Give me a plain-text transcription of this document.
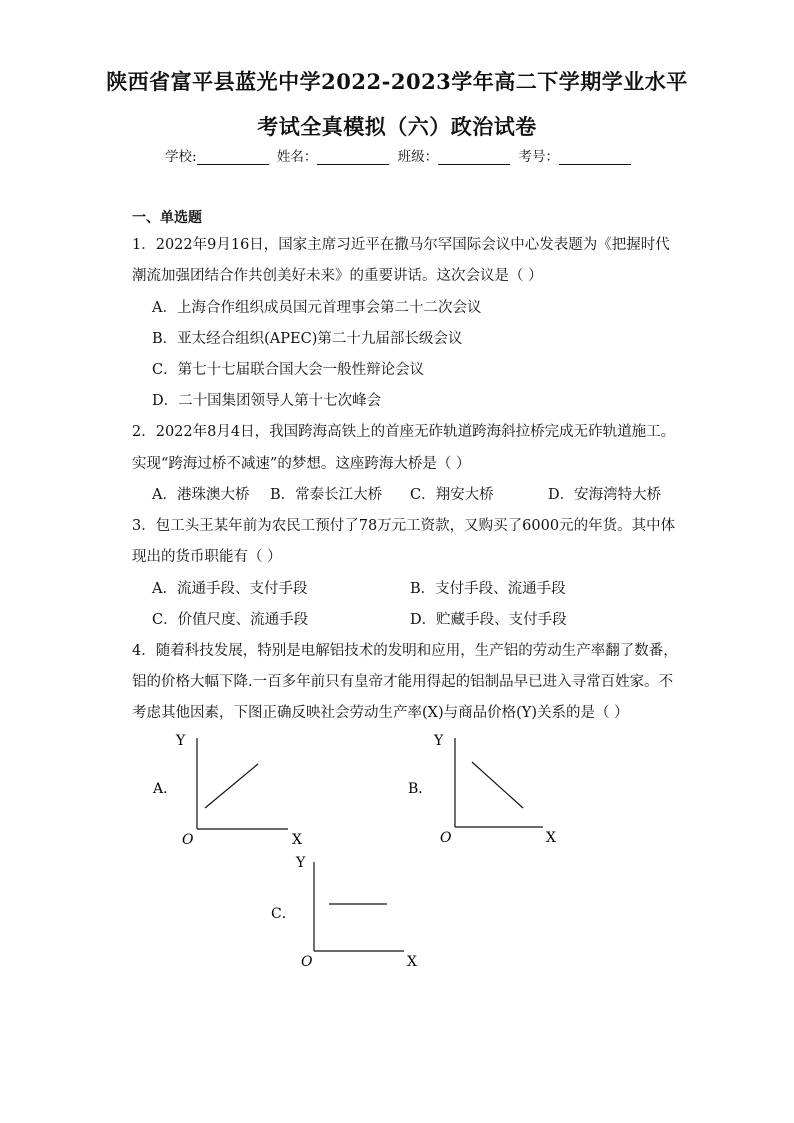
陕西省富平县蓝光中学2022-2023学年高二下学期学业水平
考试全真模拟（六）政治试卷
学校:	姓名：	班级：	考号：
一、单选题
1．2022年9月16日，国家主席习近平在撒马尔罕国际会议中心发表题为《把握时代
潮流加强团结合作共创美好未来》的重要讲话。这次会议是（ ）
A．上海合作组织成员国元首理事会第二十二次会议
B．亚太经合组织(APEC)第二十九届部长级会议
C．第七十七届联合国大会一般性辩论会议
D．二十国集团领导人第十七次峰会
2．2022年8月4日，我国跨海高铁上的首座无砟轨道跨海斜拉桥完成无砟轨道施工。
实现“跨海过桥不减速”的梦想。这座跨海大桥是（ ）
A．港珠澳大桥 B．常泰长江大桥 C．翔安大桥	D．安海湾特大桥
3．包工头王某年前为农民工预付了78万元工资款，又购买了6000元的年货。其中体
现出的货币职能有（ ）
A．流通手段、支付手段	B．支付手段、流通手段
C．价值尺度、流通手段	D．贮藏手段、支付手段
4．随着科技发展，特别是电解铝技术的发明和应用，生产铝的劳动生产率翻了数番，
铝的价格大幅下降.一百多年前只有皇帝才能用得起的铝制品早已进入寻常百姓家。不
考虑其他因素，下图正确反映社会劳动生产率(X)与商品价格(Y)关系的是（ ）
A．
Y
O	X
B．
Y
O	X
C．
Y
O	X
